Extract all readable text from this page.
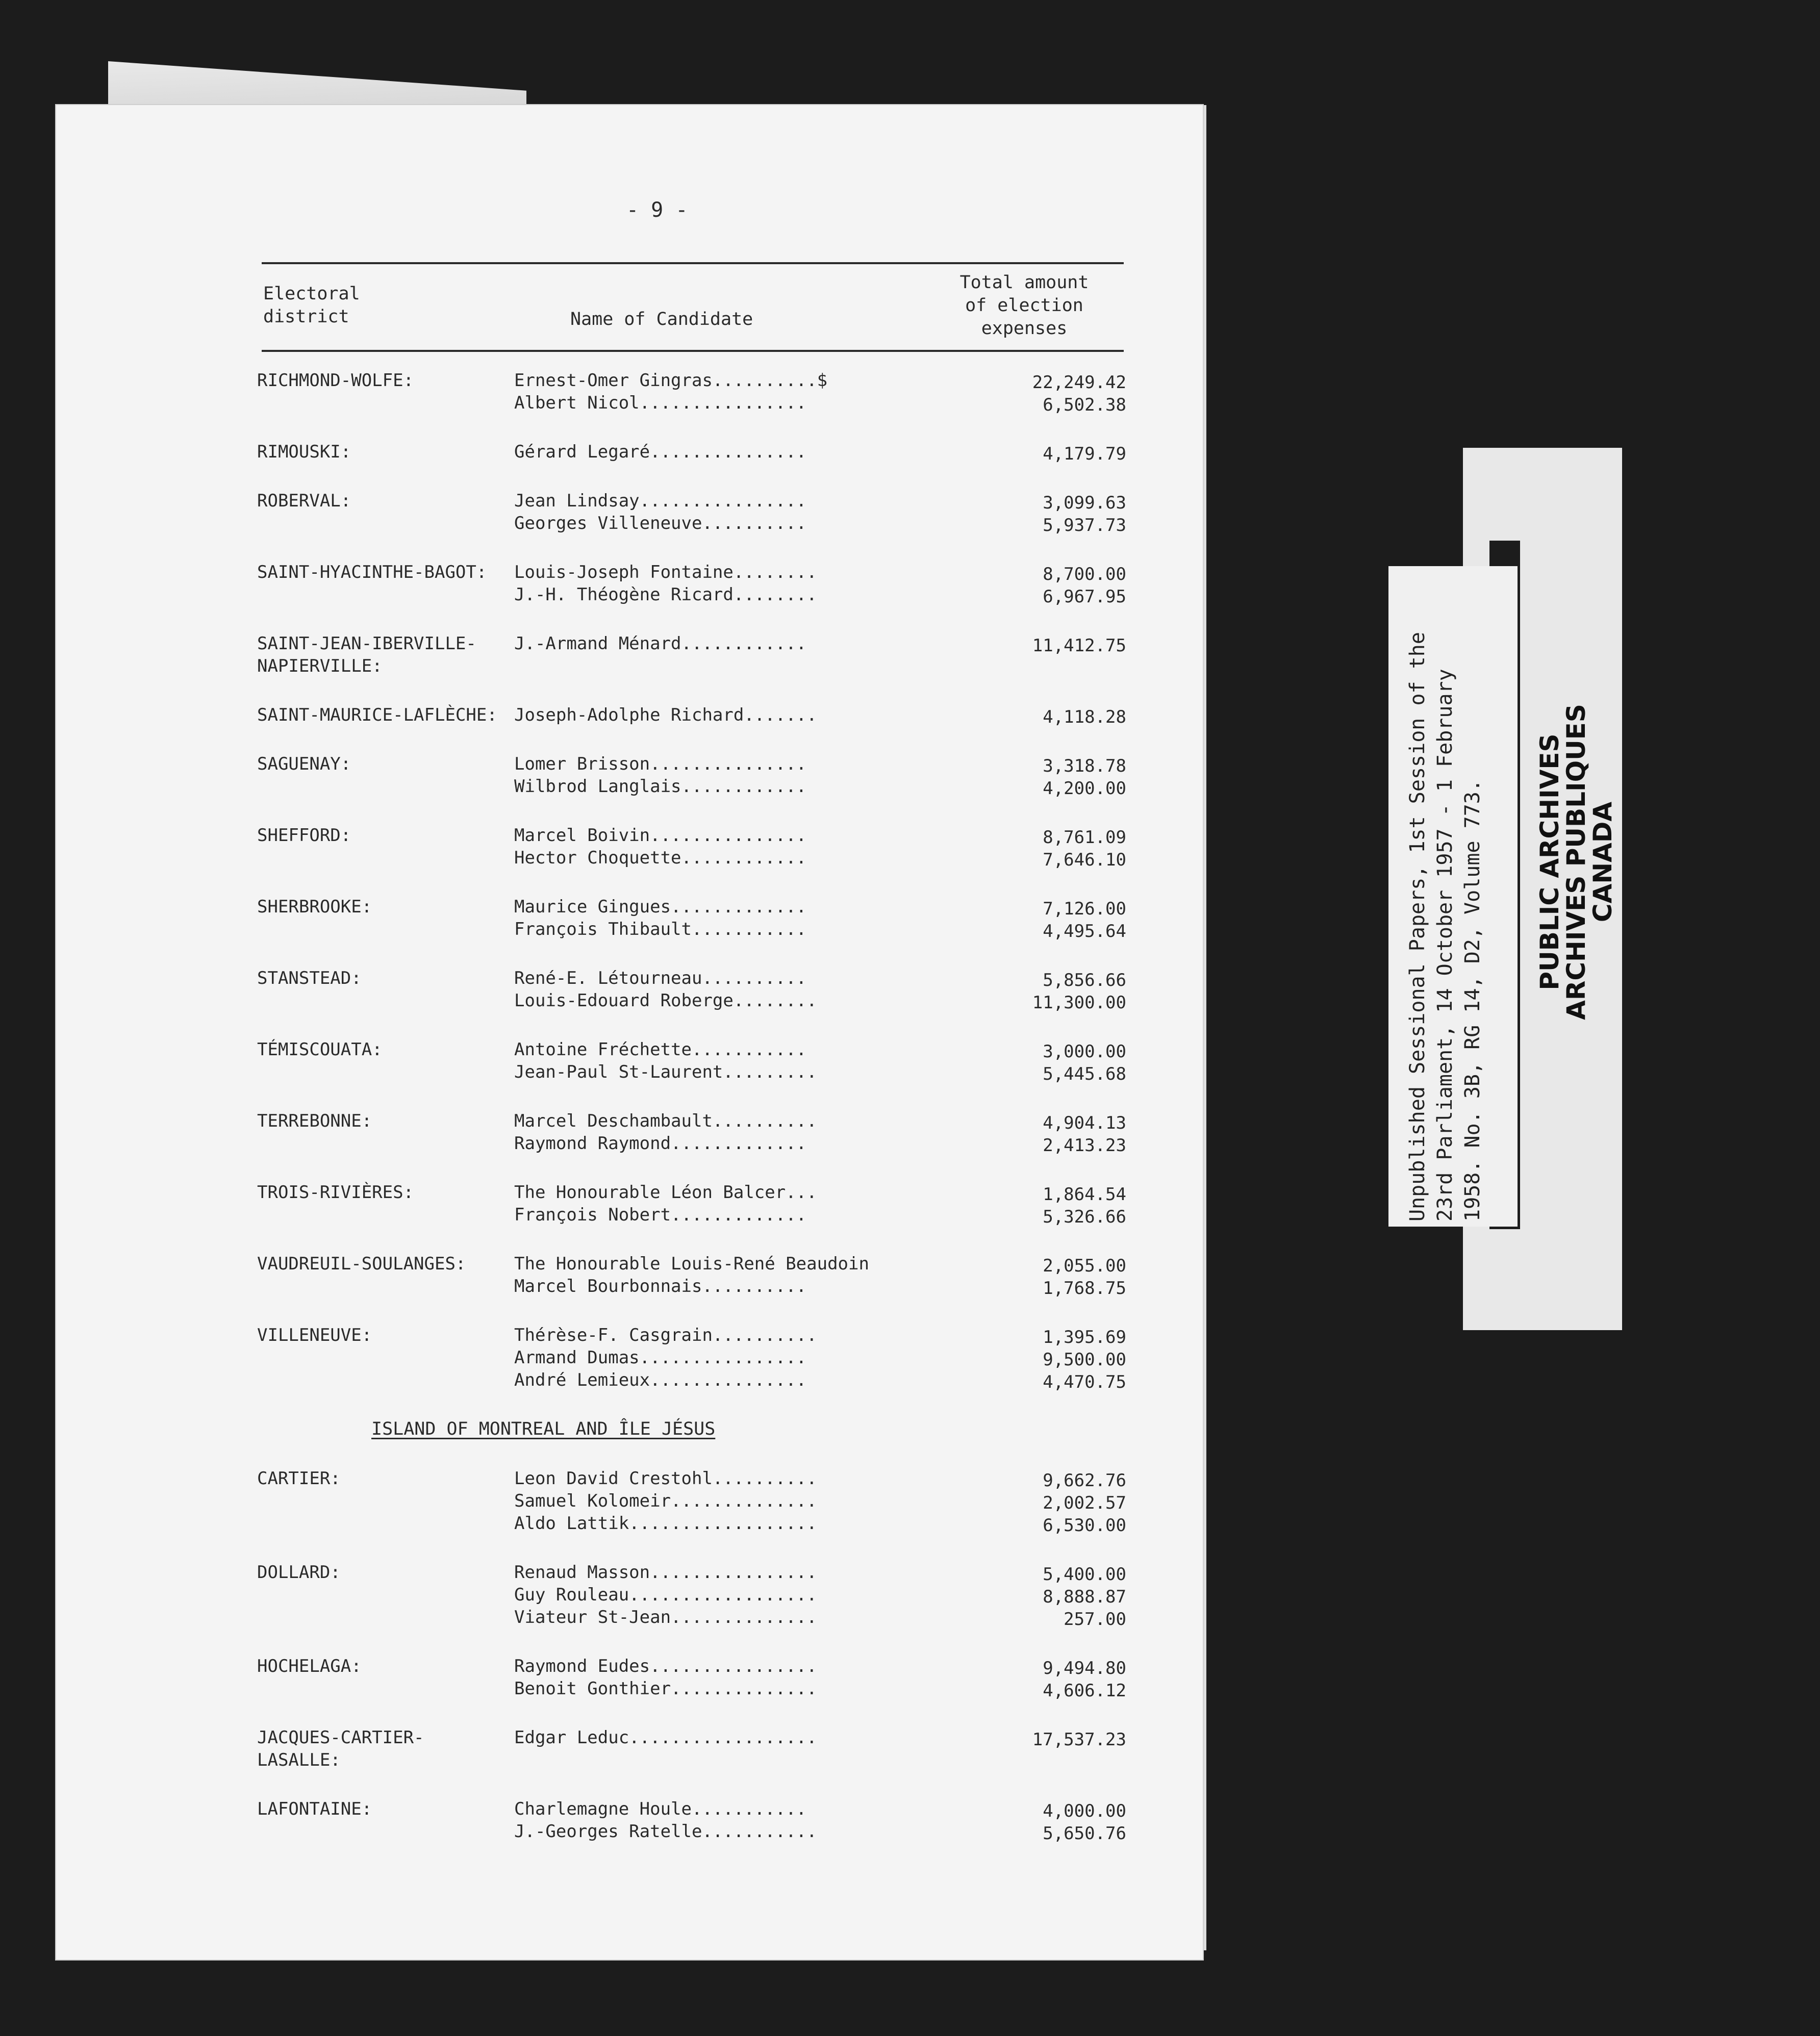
- 9 -
Electoral
district	Name of Candidate
Total amount
of election
expenses
RICHMOND-WOLFE:	Ernest-Omer Gingras..........$	22,249.42
Albert Nicol................	6,502.38
RIMOUSKI:	Gérard Legaré...............	4,179.79
ROBERVAL:	Jean Lindsay................	3,099.63
Georges Villeneuve..........	5,937.73
SAINT-HYACINTHE-BAGOT:	Louis-Joseph Fontaine........	8,700.00
J.-H. Théogène Ricard........	6,967.95
SAINT-JEAN-IBERVILLE-
NAPIERVILLE:
J.-Armand Ménard............	11,412.75
SAINT-MAURICE-LAFLÈCHE: Joseph-Adolphe Richard.......	4,118.28
SAGUENAY:	Lomer Brisson...............	3,318.78
Wilbrod Langlais............	4,200.00
SHEFFORD:	Marcel Boivin...............	8,761.09
Hector Choquette............	7,646.10
SHERBROOKE:	Maurice Gingues.............	7,126.00
François Thibault...........	4,495.64
STANSTEAD:	René-E. Létourneau..........	5,856.66
Louis-Edouard Roberge........	11,300.00
TÉMISCOUATA:	Antoine Fréchette...........	3,000.00
Jean-Paul St-Laurent.........	5,445.68
TERREBONNE:	Marcel Deschambault..........	4,904.13
Raymond Raymond.............	2,413.23
TROIS-RIVIÈRES:	The Honourable Léon Balcer...	1,864.54
François Nobert.............	5,326.66
VAUDREUIL-SOULANGES:	The Honourable Louis-René Beaudoin	2,055.00
Marcel Bourbonnais..........	1,768.75
VILLENEUVE:	Thérèse-F. Casgrain..........	1,395.69
Armand Dumas................	9,500.00
André Lemieux...............	4,470.75
ISLAND OF MONTREAL AND ÎLE JÉSUS
CARTIER:	Leon David Crestohl..........	9,662.76
Samuel Kolomeir..............	2,002.57
Aldo Lattik..................	6,530.00
DOLLARD:	Renaud Masson................	5,400.00
Guy Rouleau..................	8,888.87
Viateur St-Jean..............	257.00
HOCHELAGA:	Raymond Eudes................	9,494.80
Benoit Gonthier..............	4,606.12
JACQUES-CARTIER-
LASALLE:
Edgar Leduc..................	17,537.23
LAFONTAINE:	Charlemagne Houle...........	4,000.00
J.-Georges Ratelle...........	5,650.76
Unpublished Sessional Papers, 1st Session of the
23rd Parliament, 14 October 1957 - 1 February
1958. No. 3B, RG 14, D2, Volume 773.
PUBLIC ARCHIVES
ARCHIVES PUBLIQUES
CANADA
